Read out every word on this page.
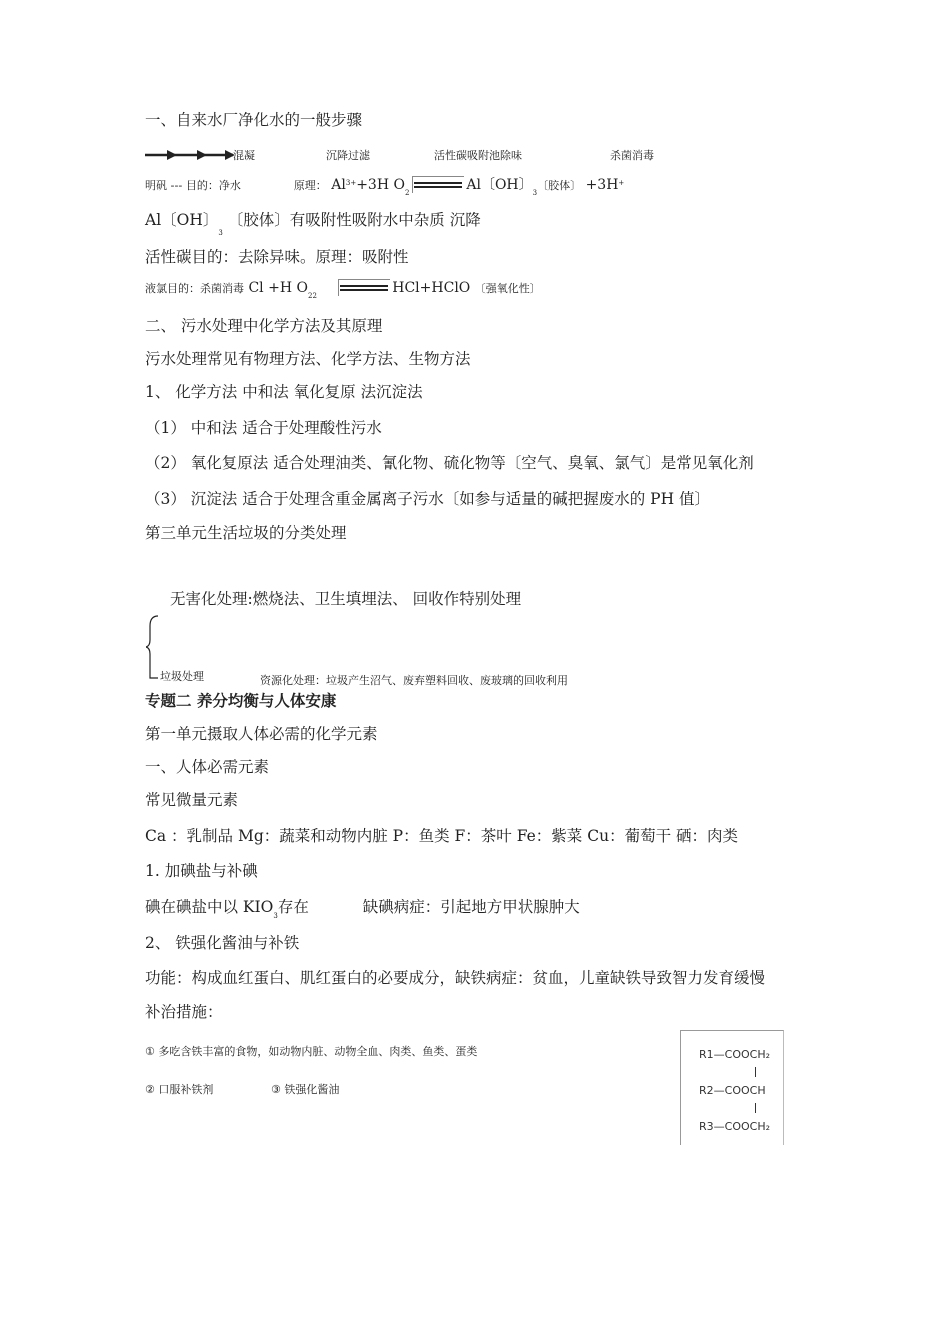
一、自来水厂净化水的一般步骤
混凝	沉降过滤	活性碳吸附池除味	杀菌消毒
明矾 --- 目的：净水	原理： $Al^{3+}+3H$ $O_2$	Al〔OH〕$_3$〔胶体〕 +3H+
Al〔OH〕$_3$ 〔胶体〕有吸附性吸附水中杂质 沉降
活性碳目的：去除异味。原理：吸附性
液氯目的：杀菌消毒 Cl +H $O_{22}$	HCl+HClO 〔强氧化性〕
二、 污水处理中化学方法及其原理
污水处理常见有物理方法、化学方法、生物方法
1、 化学方法 中和法 氧化复原 法沉淀法
（1） 中和法 适合于处理酸性污水
（2） 氧化复原法 适合处理油类、氰化物、硫化物等〔空气、臭氧、氯气〕是常见氧化剂
（3） 沉淀法 适合于处理含重金属离子污水〔如参与适量的碱把握废水的 PH 值〕
第三单元生活垃圾的分类处理
无害化处理:燃烧法、卫生填埋法、 回收作特别处理
垃圾处理	资源化处理：垃圾产生沼气、废弃塑料回收、废玻璃的回收利用
专题二 养分均衡与人体安康
第一单元摄取人体必需的化学元素
一、人体必需元素
常见微量元素
Ca ：乳制品 Mg：蔬菜和动物内脏 P：鱼类 F：茶叶 Fe：紫菜 Cu：葡萄干 硒：肉类
1. 加碘盐与补碘
碘在碘盐中以 $KIO_3$存在	缺碘病症：引起地方甲状腺肿大
2、 铁强化酱油与补铁
功能：构成血红蛋白、肌红蛋白的必要成分，缺铁病症：贫血，儿童缺铁导致智力发育缓慢
补治措施：
① 多吃含铁丰富的食物，如动物内脏、动物全血、肉类、鱼类、蛋类
② 口服补铁剂	③ 铁强化酱油
R1—COOCH₂
R2—COOCH
R3—COOCH₂
